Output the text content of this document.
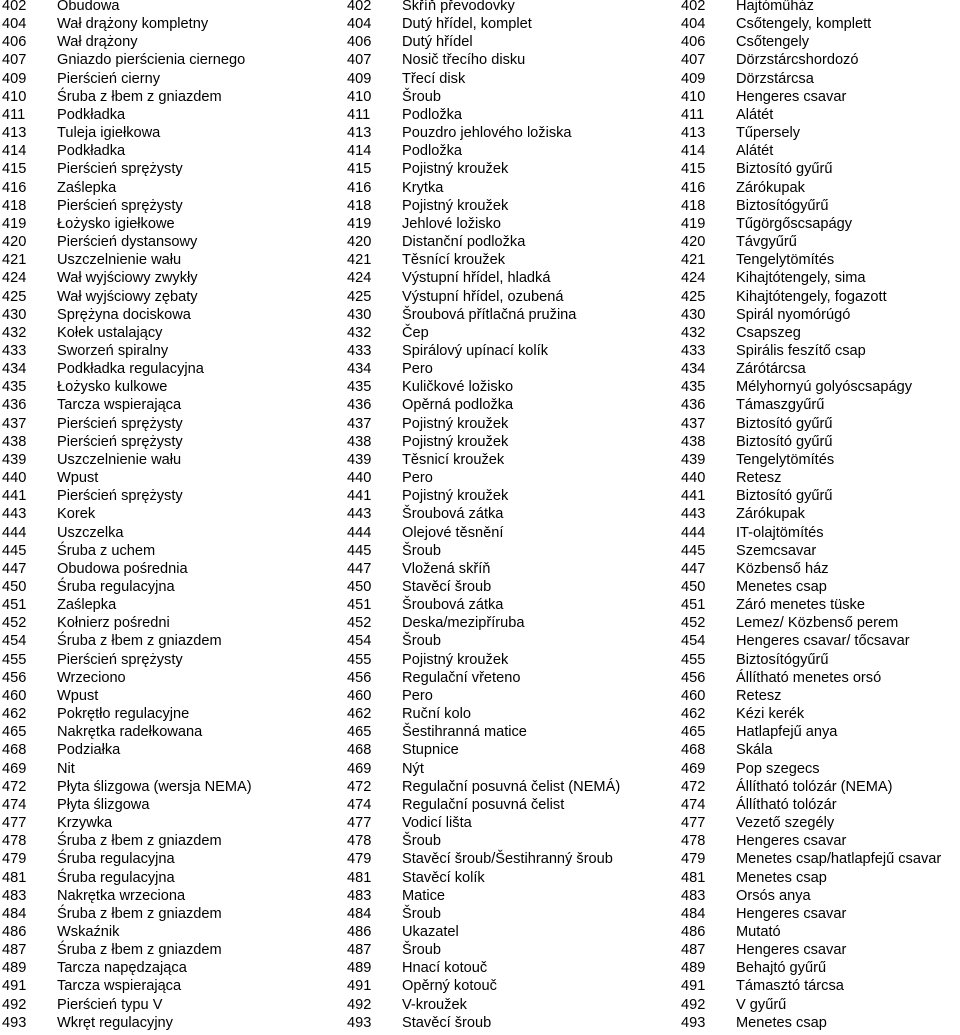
402 Obudowa
404 Wał drążony kompletny
406 Wał drążony
407 Gniazdo pierścienia ciernego
409 Pierścień cierny
410 Śruba z łbem z gniazdem
411 Podkładka
413 Tuleja igiełkowa
414 Podkładka
415 Pierścień sprężysty
416 Zaślepka
418 Pierścień sprężysty
419 Łożysko igiełkowe
420 Pierścień dystansowy
421 Uszczelnienie wału
424 Wał wyjściowy zwykły
425 Wał wyjściowy zębaty
430 Sprężyna dociskowa
432 Kołek ustalający
433 Sworzeń spiralny
434 Podkładka regulacyjna
435 Łożysko kulkowe
436 Tarcza wspierająca
437 Pierścień sprężysty
438 Pierścień sprężysty
439 Uszczelnienie wału
440 Wpust
441 Pierścień sprężysty
443 Korek
444 Uszczelka
445 Śruba z uchem
447 Obudowa pośrednia
450 Śruba regulacyjna
451 Zaślepka
452 Kołnierz pośredni
454 Śruba z łbem z gniazdem
455 Pierścień sprężysty
456 Wrzeciono
460 Wpust
462 Pokrętło regulacyjne
465 Nakrętka radełkowana
468 Podziałka
469 Nit
472 Płyta ślizgowa (wersja NEMA)
474 Płyta ślizgowa
477 Krzywka
478 Śruba z łbem z gniazdem
479 Śruba regulacyjna
481 Śruba regulacyjna
483 Nakrętka wrzeciona
484 Śruba z łbem z gniazdem
486 Wskaźnik
487 Śruba z łbem z gniazdem
489 Tarcza napędzająca
491 Tarcza wspierająca
492 Pierścień typu V
493 Wkręt regulacyjny
402 Skříň převodovky
404 Dutý hřídel, komplet
406 Dutý hřídel
407 Nosič třecího disku
409 Třecí disk
410 Šroub
411 Podložka
413 Pouzdro jehlového ložiska
414 Podložka
415 Pojistný kroužek
416 Krytka
418 Pojistný kroužek
419 Jehlové ložisko
420 Distanční podložka
421 Těsnící kroužek
424 Výstupní hřídel, hladká
425 Výstupní hřídel, ozubená
430 Šroubová přítlačná pružina
432 Čep
433 Spirálový upínací kolík
434 Pero
435 Kuličkové ložisko
436 Opěrná podložka
437 Pojistný kroužek
438 Pojistný kroužek
439 Těsnicí kroužek
440 Pero
441 Pojistný kroužek
443 Šroubová zátka
444 Olejové těsnění
445 Šroub
447 Vložená skříň
450 Stavěcí šroub
451 Šroubová zátka
452 Deska/mezipříruba
454 Šroub
455 Pojistný kroužek
456 Regulační vřeteno
460 Pero
462 Ruční kolo
465 Šestihranná matice
468 Stupnice
469 Nýt
472 Regulační posuvná čelist (NEMÁ)
474 Regulační posuvná čelist
477 Vodicí lišta
478 Šroub
479 Stavěcí šroub/Šestihranný šroub
481 Stavěcí kolík
483 Matice
484 Šroub
486 Ukazatel
487 Šroub
489 Hnací kotouč
491 Opěrný kotouč
492 V-kroužek
493 Stavěcí šroub
402 Hajtóműház
404 Csőtengely, komplett
406 Csőtengely
407 Dörzstárcshordozó
409 Dörzstárcsa
410 Hengeres csavar
411 Alátét
413 Tűpersely
414 Alátét
415 Biztosító gyűrű
416 Zárókupak
418 Biztosítógyűrű
419 Tűgörgőscsapágy
420 Távgyűrű
421 Tengelytömítés
424 Kihajtótengely, sima
425 Kihajtótengely, fogazott
430 Spirál nyomórúgó
432 Csapszeg
433 Spirális feszítő csap
434 Zárótárcsa
435 Mélyhornyú golyóscsapágy
436 Támaszgyűrű
437 Biztosító gyűrű
438 Biztosító gyűrű
439 Tengelytömítés
440 Retesz
441 Biztosító gyűrű
443 Zárókupak
444 IT-olajtömítés
445 Szemcsavar
447 Közbenső ház
450 Menetes csap
451 Záró menetes tüske
452 Lemez/ Közbenső perem
454 Hengeres csavar/ tőcsavar
455 Biztosítógyűrű
456 Állítható menetes orsó
460 Retesz
462 Kézi kerék
465 Hatlapfejű anya
468 Skála
469 Pop szegecs
472 Állítható tolózár (NEMA)
474 Állítható tolózár
477 Vezető szegély
478 Hengeres csavar
479 Menetes csap/hatlapfejű csavar
481 Menetes csap
483 Orsós anya
484 Hengeres csavar
486 Mutató
487 Hengeres csavar
489 Behajtó gyűrű
491 Támasztó tárcsa
492 V gyűrű
493 Menetes csap
